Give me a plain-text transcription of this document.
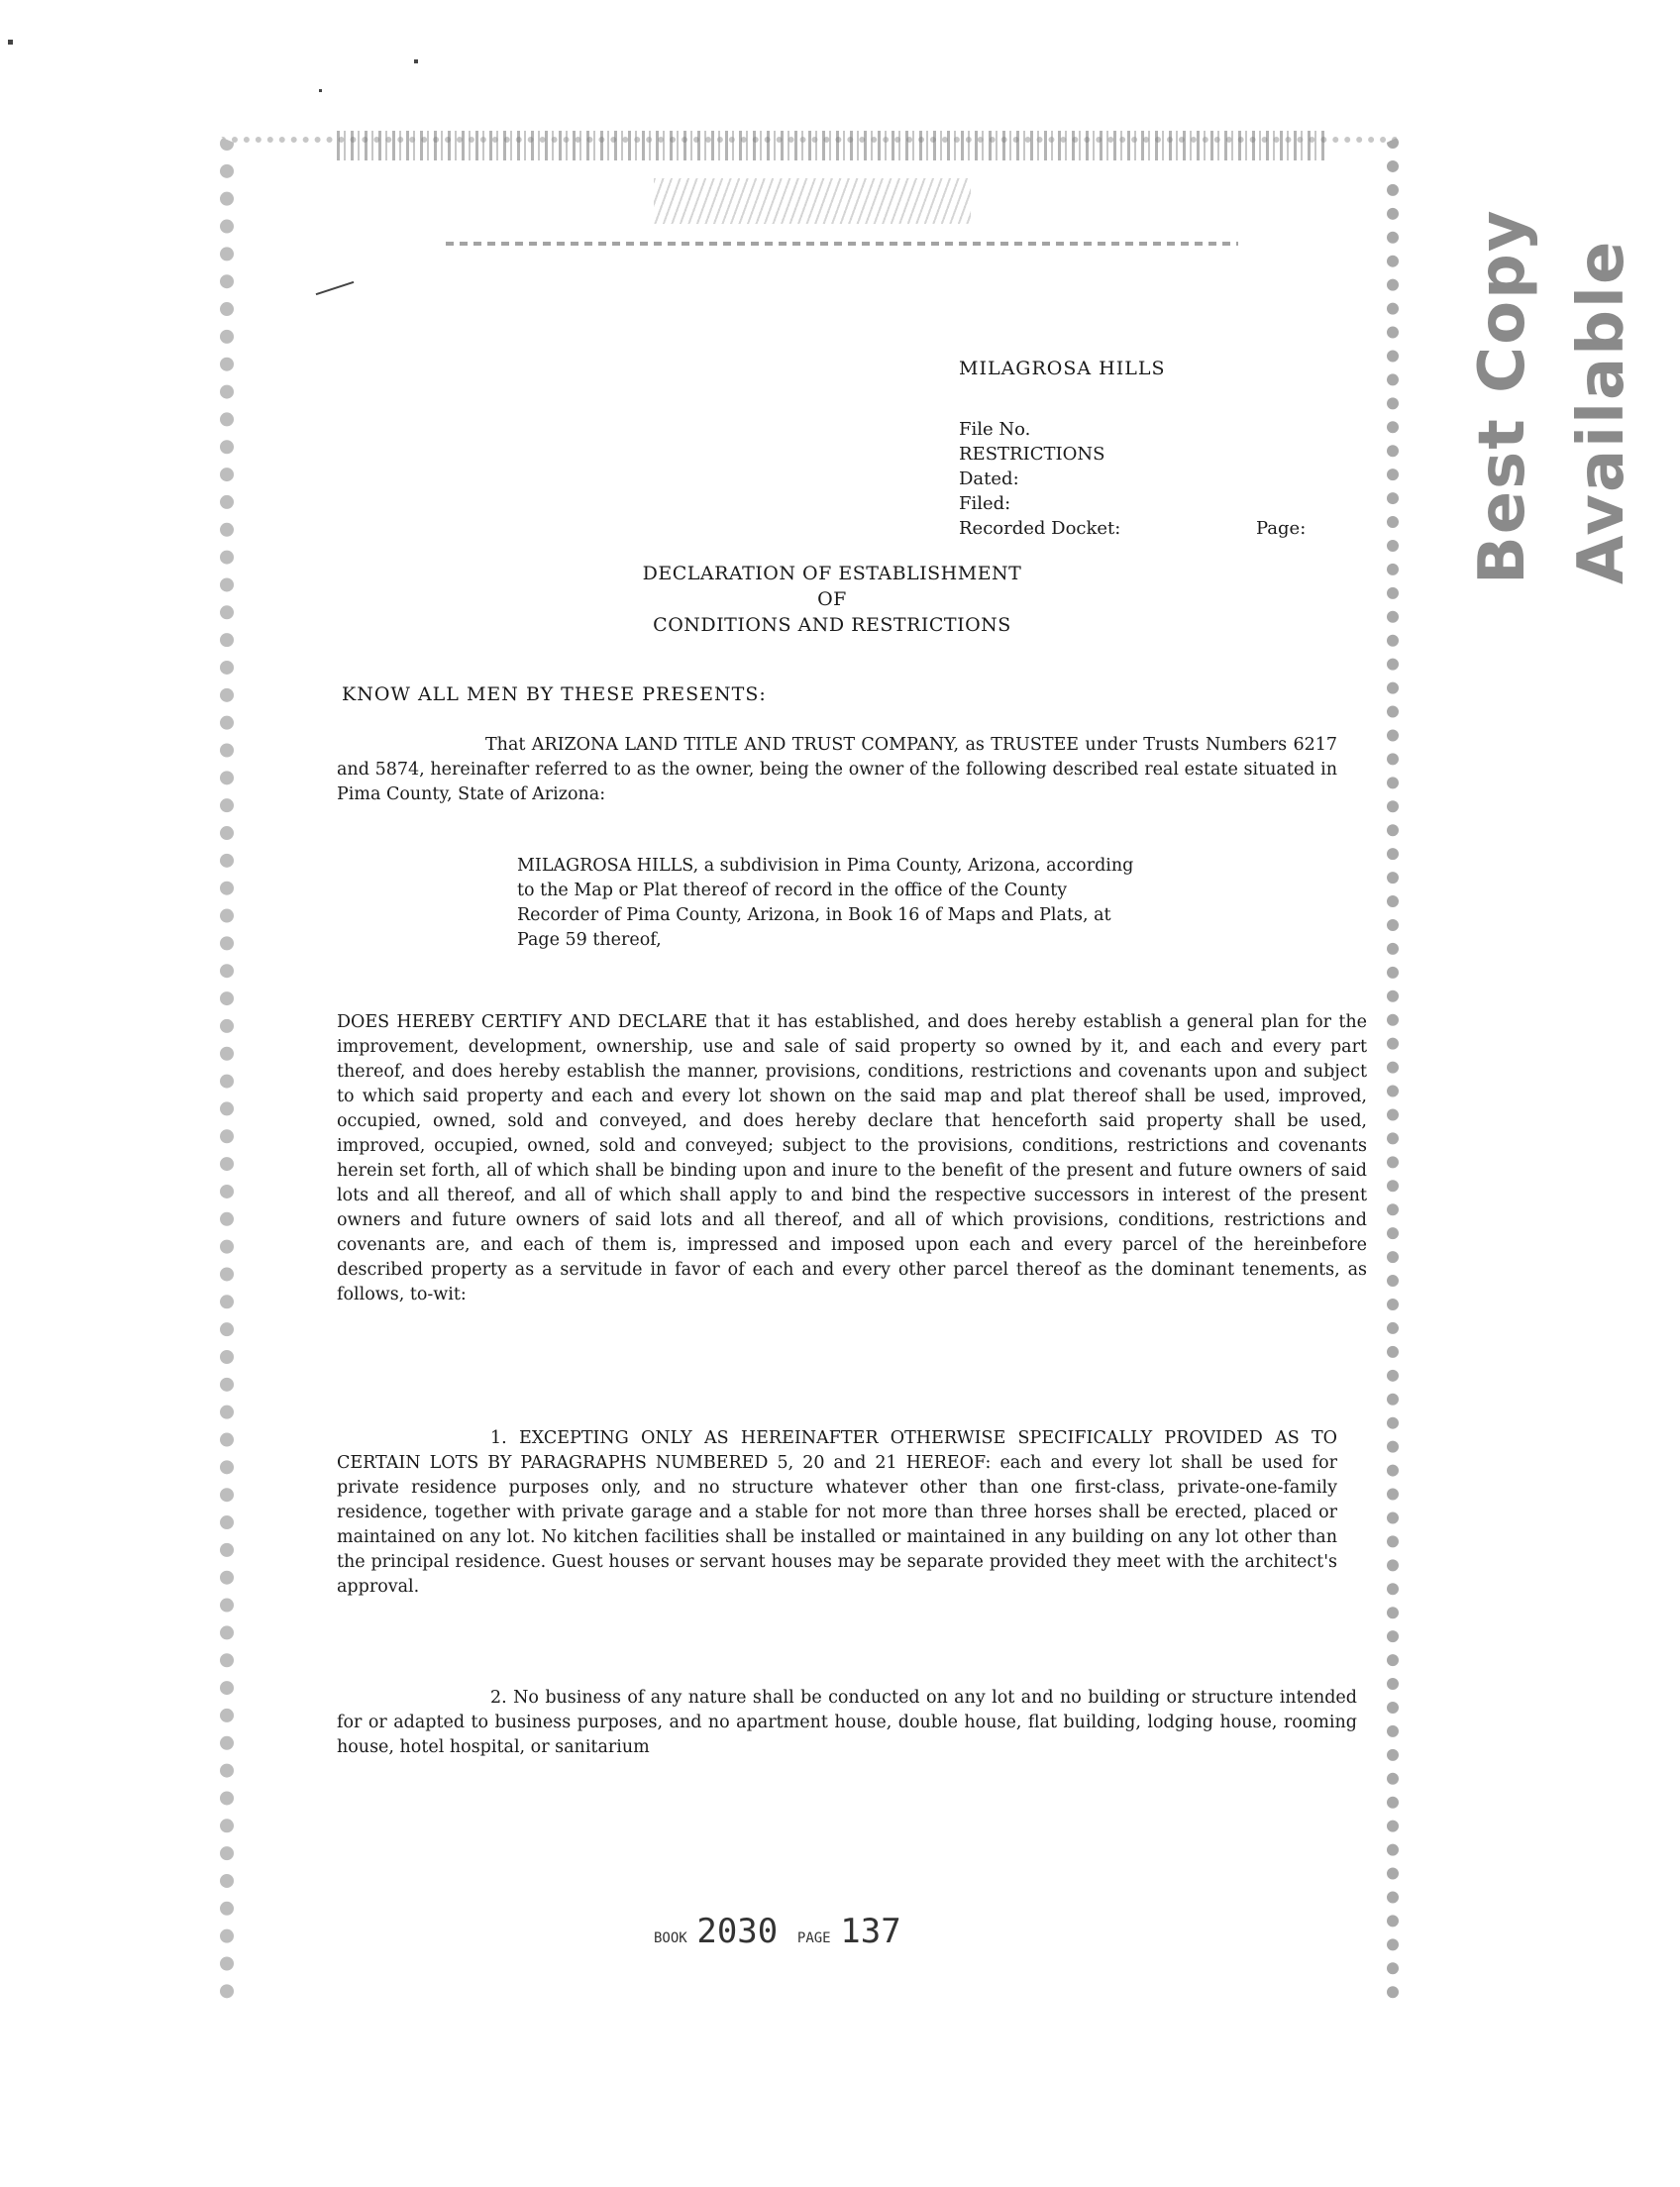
Best Copy Available
MILAGROSA HILLS
File No.
RESTRICTIONS
Dated:
Filed:
Recorded Docket:	Page:
DECLARATION OF ESTABLISHMENT
OF
CONDITIONS AND RESTRICTIONS
KNOW ALL MEN BY THESE PRESENTS:
That ARIZONA LAND TITLE AND TRUST COMPANY, as TRUSTEE under Trusts Numbers 6217 and 5874, hereinafter referred to as the owner, being the owner of the following described real estate situated in Pima County, State of Arizona:
MILAGROSA HILLS, a subdivision in Pima County, Arizona, according to the Map or Plat thereof of record in the office of the County Recorder of Pima County, Arizona, in Book 16 of Maps and Plats, at Page 59 thereof,
DOES HEREBY CERTIFY AND DECLARE that it has established, and does hereby establish a general plan for the improvement, development, ownership, use and sale of said property so owned by it, and each and every part thereof, and does hereby establish the manner, provisions, conditions, restrictions and covenants upon and subject to which said property and each and every lot shown on the said map and plat thereof shall be used, improved, occupied, owned, sold and conveyed, and does hereby declare that henceforth said property shall be used, improved, occupied, owned, sold and conveyed; subject to the provisions, conditions, restrictions and covenants herein set forth, all of which shall be binding upon and inure to the benefit of the present and future owners of said lots and all thereof, and all of which shall apply to and bind the respective successors in interest of the present owners and future owners of said lots and all thereof, and all of which provisions, conditions, restrictions and covenants are, and each of them is, impressed and imposed upon each and every parcel of the hereinbefore described property as a servitude in favor of each and every other parcel thereof as the dominant tenements, as follows, to-wit:
1. EXCEPTING ONLY AS HEREINAFTER OTHERWISE SPECIFICALLY PROVIDED AS TO CERTAIN LOTS BY PARAGRAPHS NUMBERED 5, 20 and 21 HEREOF: each and every lot shall be used for private residence purposes only, and no structure whatever other than one first-class, private-one-family residence, together with private garage and a stable for not more than three horses shall be erected, placed or maintained on any lot. No kitchen facilities shall be installed or maintained in any building on any lot other than the principal residence. Guest houses or servant houses may be separate provided they meet with the architect's approval.
2. No business of any nature shall be conducted on any lot and no building or structure intended for or adapted to business purposes, and no apartment house, double house, flat building, lodging house, rooming house, hotel hospital, or sanitarium
BOOK 2030 PAGE 137
